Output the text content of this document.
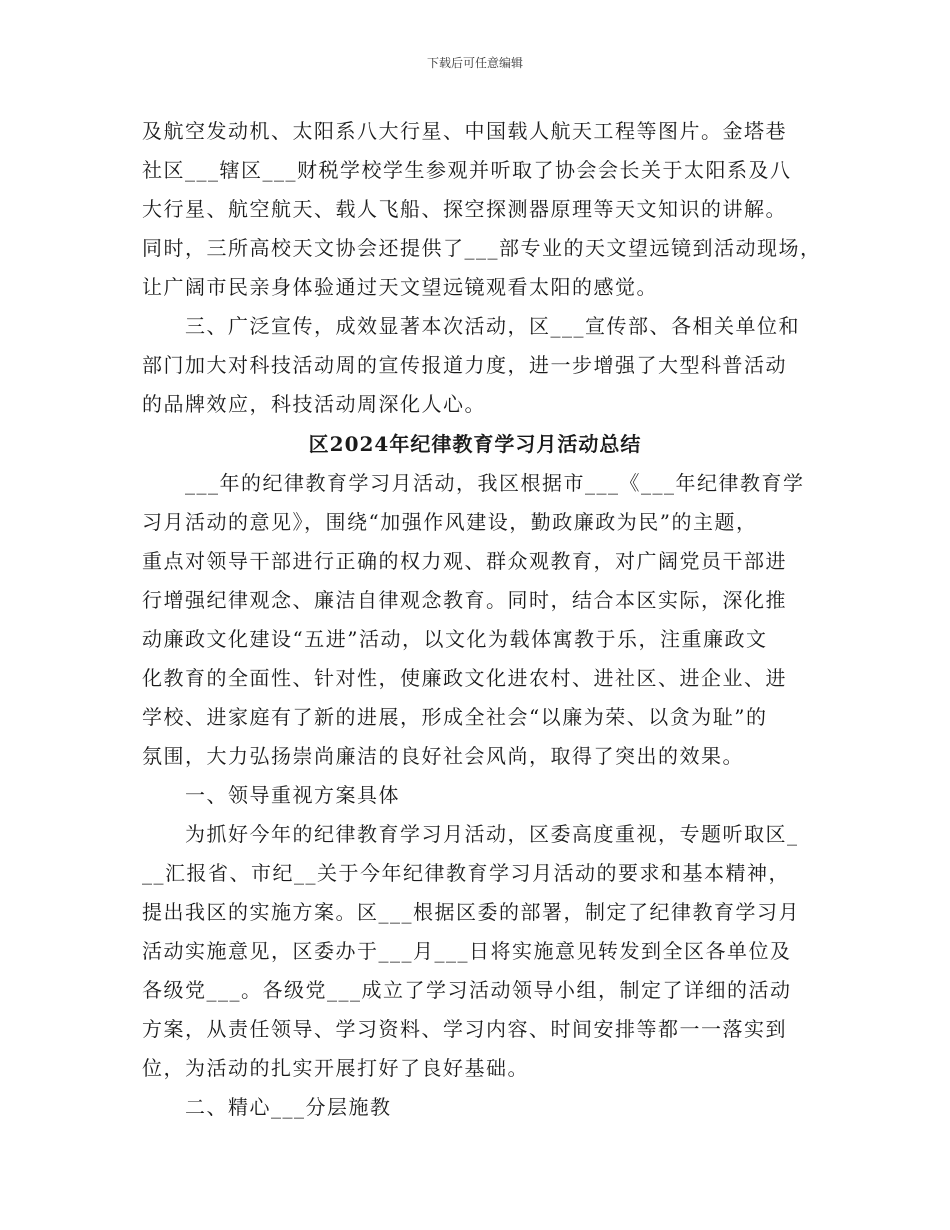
下载后可任意编辑
及航空发动机、太阳系八大行星、中国载人航天工程等图片。金塔巷
社区___辖区___财税学校学生参观并听取了协会会长关于太阳系及八
大行星、航空航天、载人飞船、探空探测器原理等天文知识的讲解。
同时，三所高校天文协会还提供了___部专业的天文望远镜到活动现场，
让广阔市民亲身体验通过天文望远镜观看太阳的感觉。
　　三、广泛宣传，成效显著本次活动，区___宣传部、各相关单位和
部门加大对科技活动周的宣传报道力度，进一步增强了大型科普活动
的品牌效应，科技活动周深化人心。
区2024年纪律教育学习月活动总结
　　___年的纪律教育学习月活动，我区根据市___《___年纪律教育学
习月活动的意见》，围绕“加强作风建设，勤政廉政为民”的主题，
重点对领导干部进行正确的权力观、群众观教育，对广阔党员干部进
行增强纪律观念、廉洁自律观念教育。同时，结合本区实际，深化推
动廉政文化建设“五进”活动，以文化为载体寓教于乐，注重廉政文
化教育的全面性、针对性，使廉政文化进农村、进社区、进企业、进
学校、进家庭有了新的进展，形成全社会“以廉为荣、以贪为耻”的
氛围，大力弘扬崇尚廉洁的良好社会风尚，取得了突出的效果。
　　一、领导重视方案具体
　　为抓好今年的纪律教育学习月活动，区委高度重视，专题听取区_
__汇报省、市纪__关于今年纪律教育学习月活动的要求和基本精神，
提出我区的实施方案。区___根据区委的部署，制定了纪律教育学习月
活动实施意见，区委办于___月___日将实施意见转发到全区各单位及
各级党___。各级党___成立了学习活动领导小组，制定了详细的活动
方案，从责任领导、学习资料、学习内容、时间安排等都一一落实到
位，为活动的扎实开展打好了良好基础。
　　二、精心___分层施教
